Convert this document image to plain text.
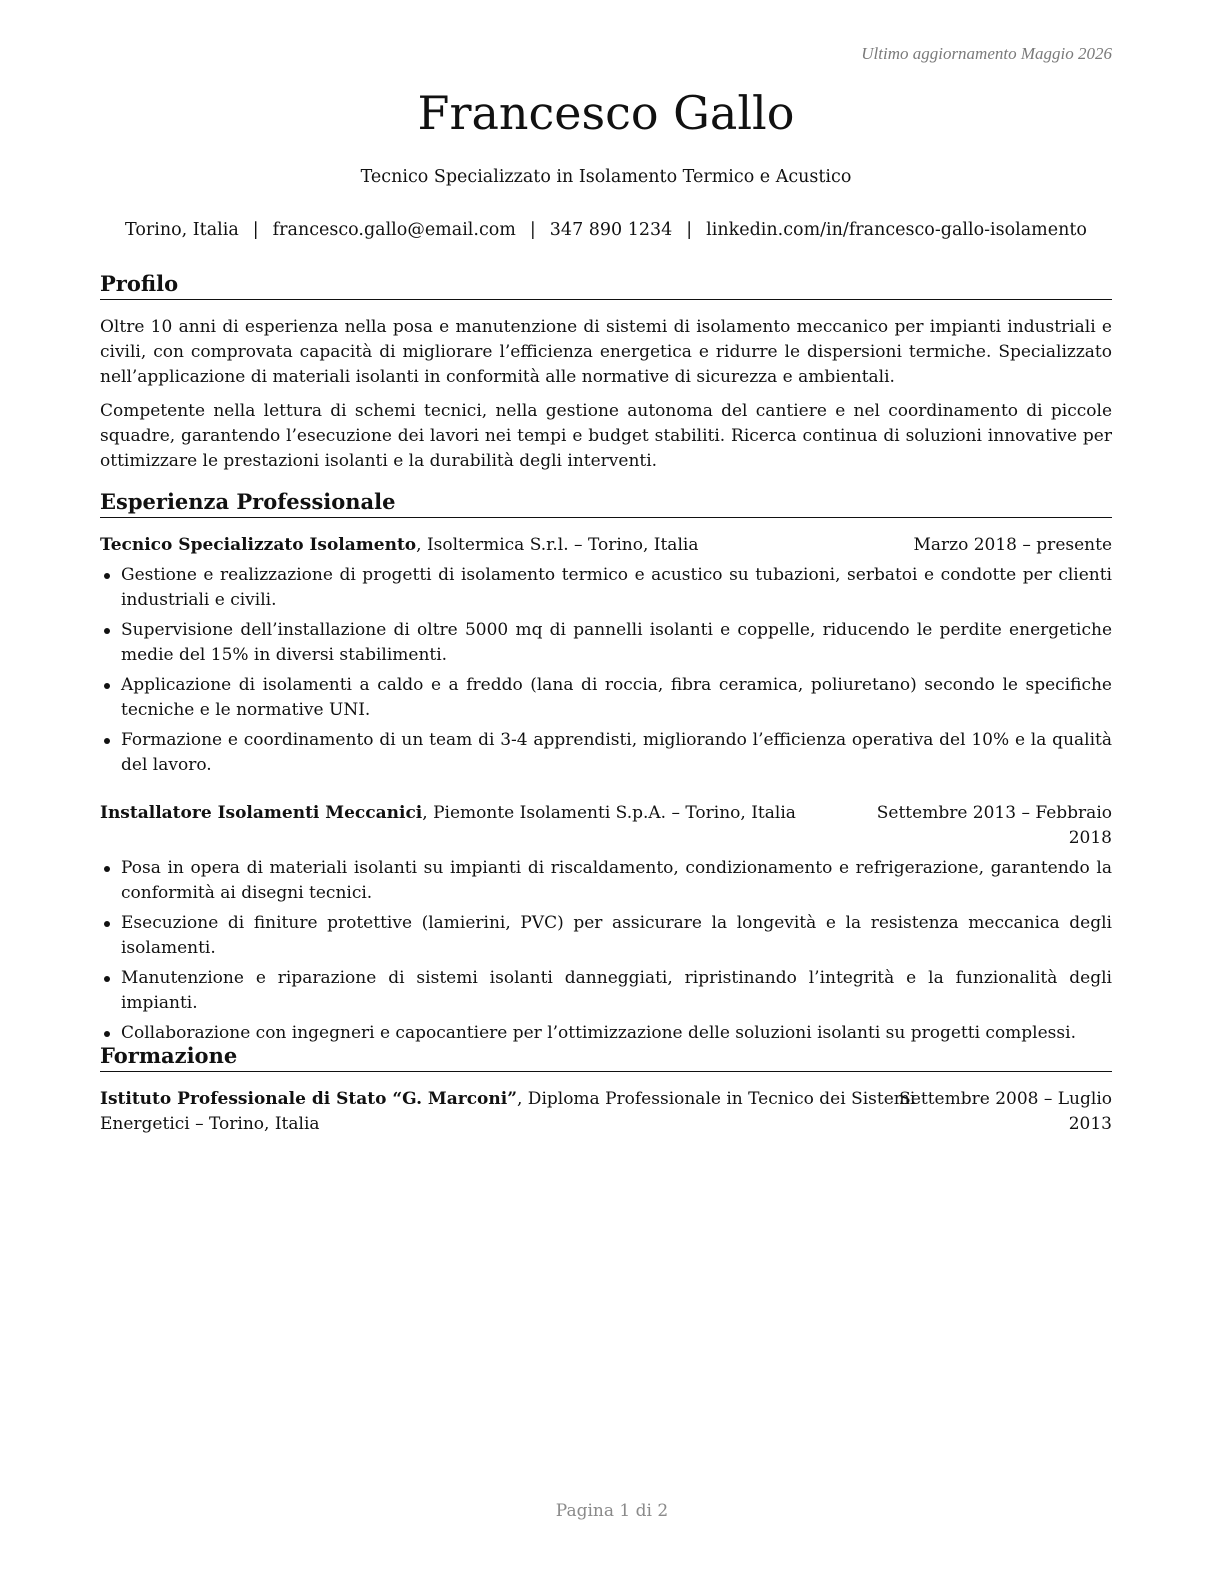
Ultimo aggiornamento Maggio 2026
Francesco Gallo
Tecnico Specializzato in Isolamento Termico e Acustico
Torino, Italia | francesco.gallo@email.com | 347 890 1234 | linkedin.com/in/francesco-gallo-isolamento
Profilo
Oltre 10 anni di esperienza nella posa e manutenzione di sistemi di isolamento meccanico per impianti industriali e civili, con comprovata capacità di migliorare l’efficienza energetica e ridurre le dispersioni termiche. Specializzato nell’applicazione di materiali isolanti in conformità alle normative di sicurezza e ambientali.
Competente nella lettura di schemi tecnici, nella gestione autonoma del cantiere e nel coordinamento di piccole squadre, garantendo l’esecuzione dei lavori nei tempi e budget stabiliti. Ricerca continua di soluzioni innovative per ottimizzare le prestazioni isolanti e la durabilità degli interventi.
Esperienza Professionale
Tecnico Specializzato Isolamento, Isoltermica S.r.l. – Torino, Italia	Marzo 2018 – presente
Gestione e realizzazione di progetti di isolamento termico e acustico su tubazioni, serbatoi e condotte per clienti industriali e civili.
Supervisione dell’installazione di oltre 5000 mq di pannelli isolanti e coppelle, riducendo le perdite energetiche medie del 15% in diversi stabilimenti.
Applicazione di isolamenti a caldo e a freddo (lana di roccia, fibra ceramica, poliuretano) secondo le specifiche tecniche e le normative UNI.
Formazione e coordinamento di un team di 3-4 apprendisti, migliorando l’efficienza operativa del 10% e la qualità del lavoro.
Installatore Isolamenti Meccanici, Piemonte Isolamenti S.p.A. – Torino, Italia	Settembre 2013 – Febbraio
2018
Posa in opera di materiali isolanti su impianti di riscaldamento, condizionamento e refrigerazione, garantendo la conformità ai disegni tecnici.
Esecuzione di finiture protettive (lamierini, PVC) per assicurare la longevità e la resistenza meccanica degli isolamenti.
Manutenzione e riparazione di sistemi isolanti danneggiati, ripristinando l’integrità e la funzionalità degli impianti.
Collaborazione con ingegneri e capocantiere per l’ottimizzazione delle soluzioni isolanti su progetti complessi.
Formazione
Istituto Professionale di Stato “G. Marconi”, Diploma Professionale in Tecnico dei Sistemi
Energetici – Torino, Italia
Settembre 2008 – Luglio
2013
Pagina 1 di 2
